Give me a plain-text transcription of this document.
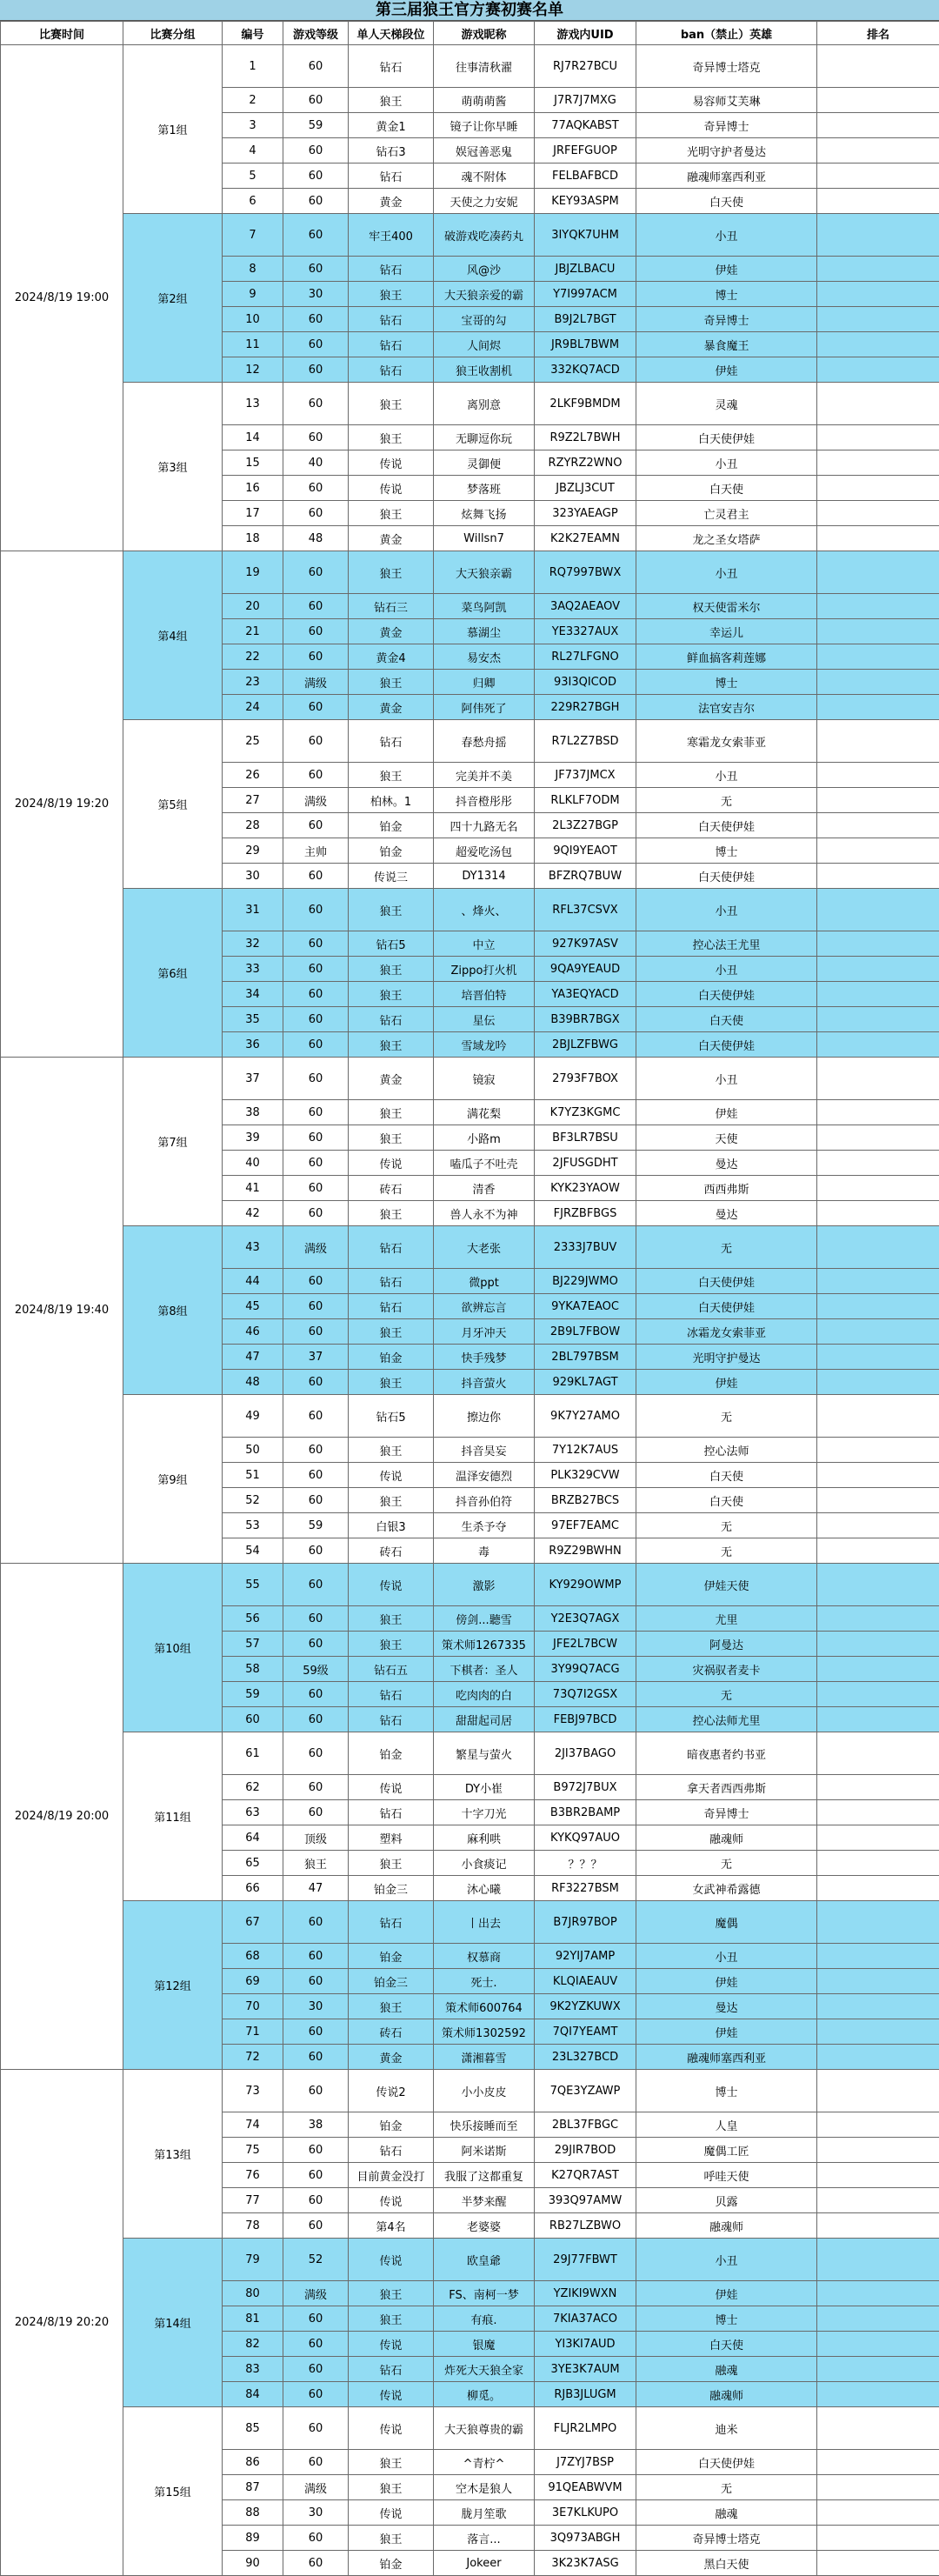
第三届狼王官方赛初赛名单
比赛时间	比赛分组	编号	游戏等级	单人天梯段位	游戏昵称	游戏内UID	ban（禁止）英雄	排名
2024/8/19 19:00	第1组	1	60	钻石	往事清秋濯	RJ7R27BCU	奇异博士塔克	
		2	60	狼王	萌萌萌酱	J7R7J7MXG	易容师艾芙琳	
		3	59	黄金1	镜子让你早睡	77AQKABST	奇异博士	
		4	60	钻石3	娱冠善恶鬼	JRFEFGUOP	光明守护者曼达	
		5	60	钻石	魂不附体	FELBAFBCD	融魂师塞西利亚	
		6	60	黄金	天使之力安妮	KEY93ASPM	白天使	
	第2组	7	60	牢王400	破游戏吃凑药丸	3IYQK7UHM	小丑	
		8	60	钻石	风@沙	JBJZLBACU	伊娃	
		9	30	狼王	大天狼亲爱的霸	Y7I997ACM	博士	
		10	60	钻石	宝哥的勾	B9J2L7BGT	奇异博士	
		11	60	钻石	人间烬	JR9BL7BWM	暴食魔王	
		12	60	钻石	狼王收割机	332KQ7ACD	伊娃	
	第3组	13	60	狼王	离别意	2LKF9BMDM	灵魂	
		14	60	狼王	无聊逗你玩	R9Z2L7BWH	白天使伊娃	
		15	40	传说	灵御便	RZYRZ2WNO	小丑	
		16	60	传说	梦落班	JBZLJ3CUT	白天使	
		17	60	狼王	炫舞飞扬	323YAEAGP	亡灵君主	
		18	48	黄金	Willsn7	K2K27EAMN	龙之圣女塔萨	
2024/8/19 19:20	第4组	19	60	狼王	大天狼亲霸	RQ7997BWX	小丑	
		20	60	钻石三	菜鸟阿凯	3AQ2AEAOV	权天使雷米尔	
		21	60	黄金	慕湖尘	YE3327AUX	幸运儿	
		22	60	黄金4	易安杰	RL27LFGNO	鲜血搞客莉莲娜	
		23	满级	狼王	归卿	93I3QICOD	博士	
		24	60	黄金	阿伟死了	229R27BGH	法官安吉尔	
	第5组	25	60	钻石	春愁舟摇	R7L2Z7BSD	寒霜龙女索菲亚	
		26	60	狼王	完美并不美	JF737JMCX	小丑	
		27	满级	柏林。1	抖音橙彤彤	RLKLF7ODM	无	
		28	60	铂金	四十九路无名	2L3Z27BGP	白天使伊娃	
		29	主帅	铂金	超爱吃汤包	9QI9YEAOT	博士	
		30	60	传说三	DY1314	BFZRQ7BUW	白天使伊娃	
	第6组	31	60	狼王	、烽火、	RFL37CSVX	小丑	
		32	60	钻石5	中立	927K97ASV	控心法王尤里	
		33	60	狼王	Zippo打火机	9QA9YEAUD	小丑	
		34	60	狼王	培晋伯特	YA3EQYACD	白天使伊娃	
		35	60	钻石	星伝	B39BR7BGX	白天使	
		36	60	狼王	雪域龙吟	2BJLZFBWG	白天使伊娃	
2024/8/19 19:40	第7组	37	60	黄金	镜寂	2793F7BOX	小丑	
		38	60	狼王	满花梨	K7YZ3KGMC	伊娃	
		39	60	狼王	小路m	BF3LR7BSU	天使	
		40	60	传说	嗑瓜子不吐壳	2JFUSGDHT	曼达	
		41	60	砖石	清香	KYK23YAOW	西西弗斯	
		42	60	狼王	兽人永不为神	FJRZBFBGS	曼达	
	第8组	43	满级	钻石	大老张	2333J7BUV	无	
		44	60	钻石	微ppt	BJ229JWMO	白天使伊娃	
		45	60	钻石	欲辨忘言	9YKA7EAOC	白天使伊娃	
		46	60	狼王	月牙冲天	2B9L7FBOW	冰霜龙女索菲亚	
		47	37	铂金	快手残梦	2BL797BSM	光明守护曼达	
		48	60	狼王	抖音萤火	929KL7AGT	伊娃	
	第9组	49	60	钻石5	擦边你	9K7Y27AMO	无	
		50	60	狼王	抖音昊妄	7Y12K7AUS	控心法师	
		51	60	传说	温泽安德烈	PLK329CVW	白天使	
		52	60	狼王	抖音孙伯符	BRZB27BCS	白天使	
		53	59	白银3	生杀予夺	97EF7EAMC	无	
		54	60	砖石	毒	R9Z29BWHN	无	
2024/8/19 20:00	第10组	55	60	传说	激影	KY929OWMP	伊娃天使	
		56	60	狼王	傍剑...聽雪	Y2E3Q7AGX	尤里	
		57	60	狼王	策术师1267335	JFE2L7BCW	阿曼达	
		58	59级	钻石五	下棋者：圣人	3Y99Q7ACG	灾祸驭者麦卡	
		59	60	钻石	吃肉肉的白	73Q7I2GSX	无	
		60	60	钻石	甜甜起司居	FEBJ97BCD	控心法师尤里	
	第11组	61	60	铂金	繁星与萤火	2JI37BAGO	暗夜惠者约书亚	
		62	60	传说	DY小崔	B972J7BUX	拿天者西西弗斯	
		63	60	钻石	十字刀光	B3BR2BAMP	奇异博士	
		64	顶级	塑料	麻利哄	KYKQ97AUO	融魂师	
		65	狼王	狼王	小食痰记	？？？	无	
		66	47	铂金三	沐心曦	RF3227BSM	女武神希露德	
	第12组	67	60	钻石	丨出去	B7JR97BOP	魔偶	
		68	60	铂金	权慕商	92YIJ7AMP	小丑	
		69	60	铂金三	死士.	KLQIAEAUV	伊娃	
		70	30	狼王	策术师600764	9K2YZKUWX	曼达	
		71	60	砖石	策术师1302592	7QI7YEAMT	伊娃	
		72	60	黄金	潇湘暮雪	23L327BCD	融魂师塞西利亚	
2024/8/19 20:20	第13组	73	60	传说2	小小皮皮	7QE3YZAWP	博士	
		74	38	铂金	快乐接睡而至	2BL37FBGC	人皇	
		75	60	钻石	阿米诺斯	29JIR7BOD	魔偶工匠	
		76	60	目前黄金没打	我服了这都重复	K27QR7AST	呼哇天使	
		77	60	传说	半梦来醒	393Q97AMW	贝露	
		78	60	第4名	老婆婆	RB27LZBWO	融魂师	
	第14组	79	52	传说	欧皇爺	29J77FBWT	小丑	
		80	满级	狼王	FS、南柯一梦	YZIKI9WXN	伊娃	
		81	60	狼王	有痕.	7KIA37ACO	博士	
		82	60	传说	银魔	YI3KI7AUD	白天使	
		83	60	钻石	炸死大天狼全家	3YE3K7AUM	融魂	
		84	60	传说	柳觅。	RJB3JLUGM	融魂师	
	第15组	85	60	传说	大天狼尊贵的霸	FLJR2LMPO	迪米	
		86	60	狼王	^青柠^	J7ZYJ7BSP	白天使伊娃	
		87	满级	狼王	空木是狼人	91QEABWVM	无	
		88	30	传说	胧月笙歌	3E7KLKUPO	融魂	
		89	60	狼王	落言...	3Q973ABGH	奇异博士塔克	
		90	60	铂金	Jokeer	3K23K7ASG	黑白天使	
